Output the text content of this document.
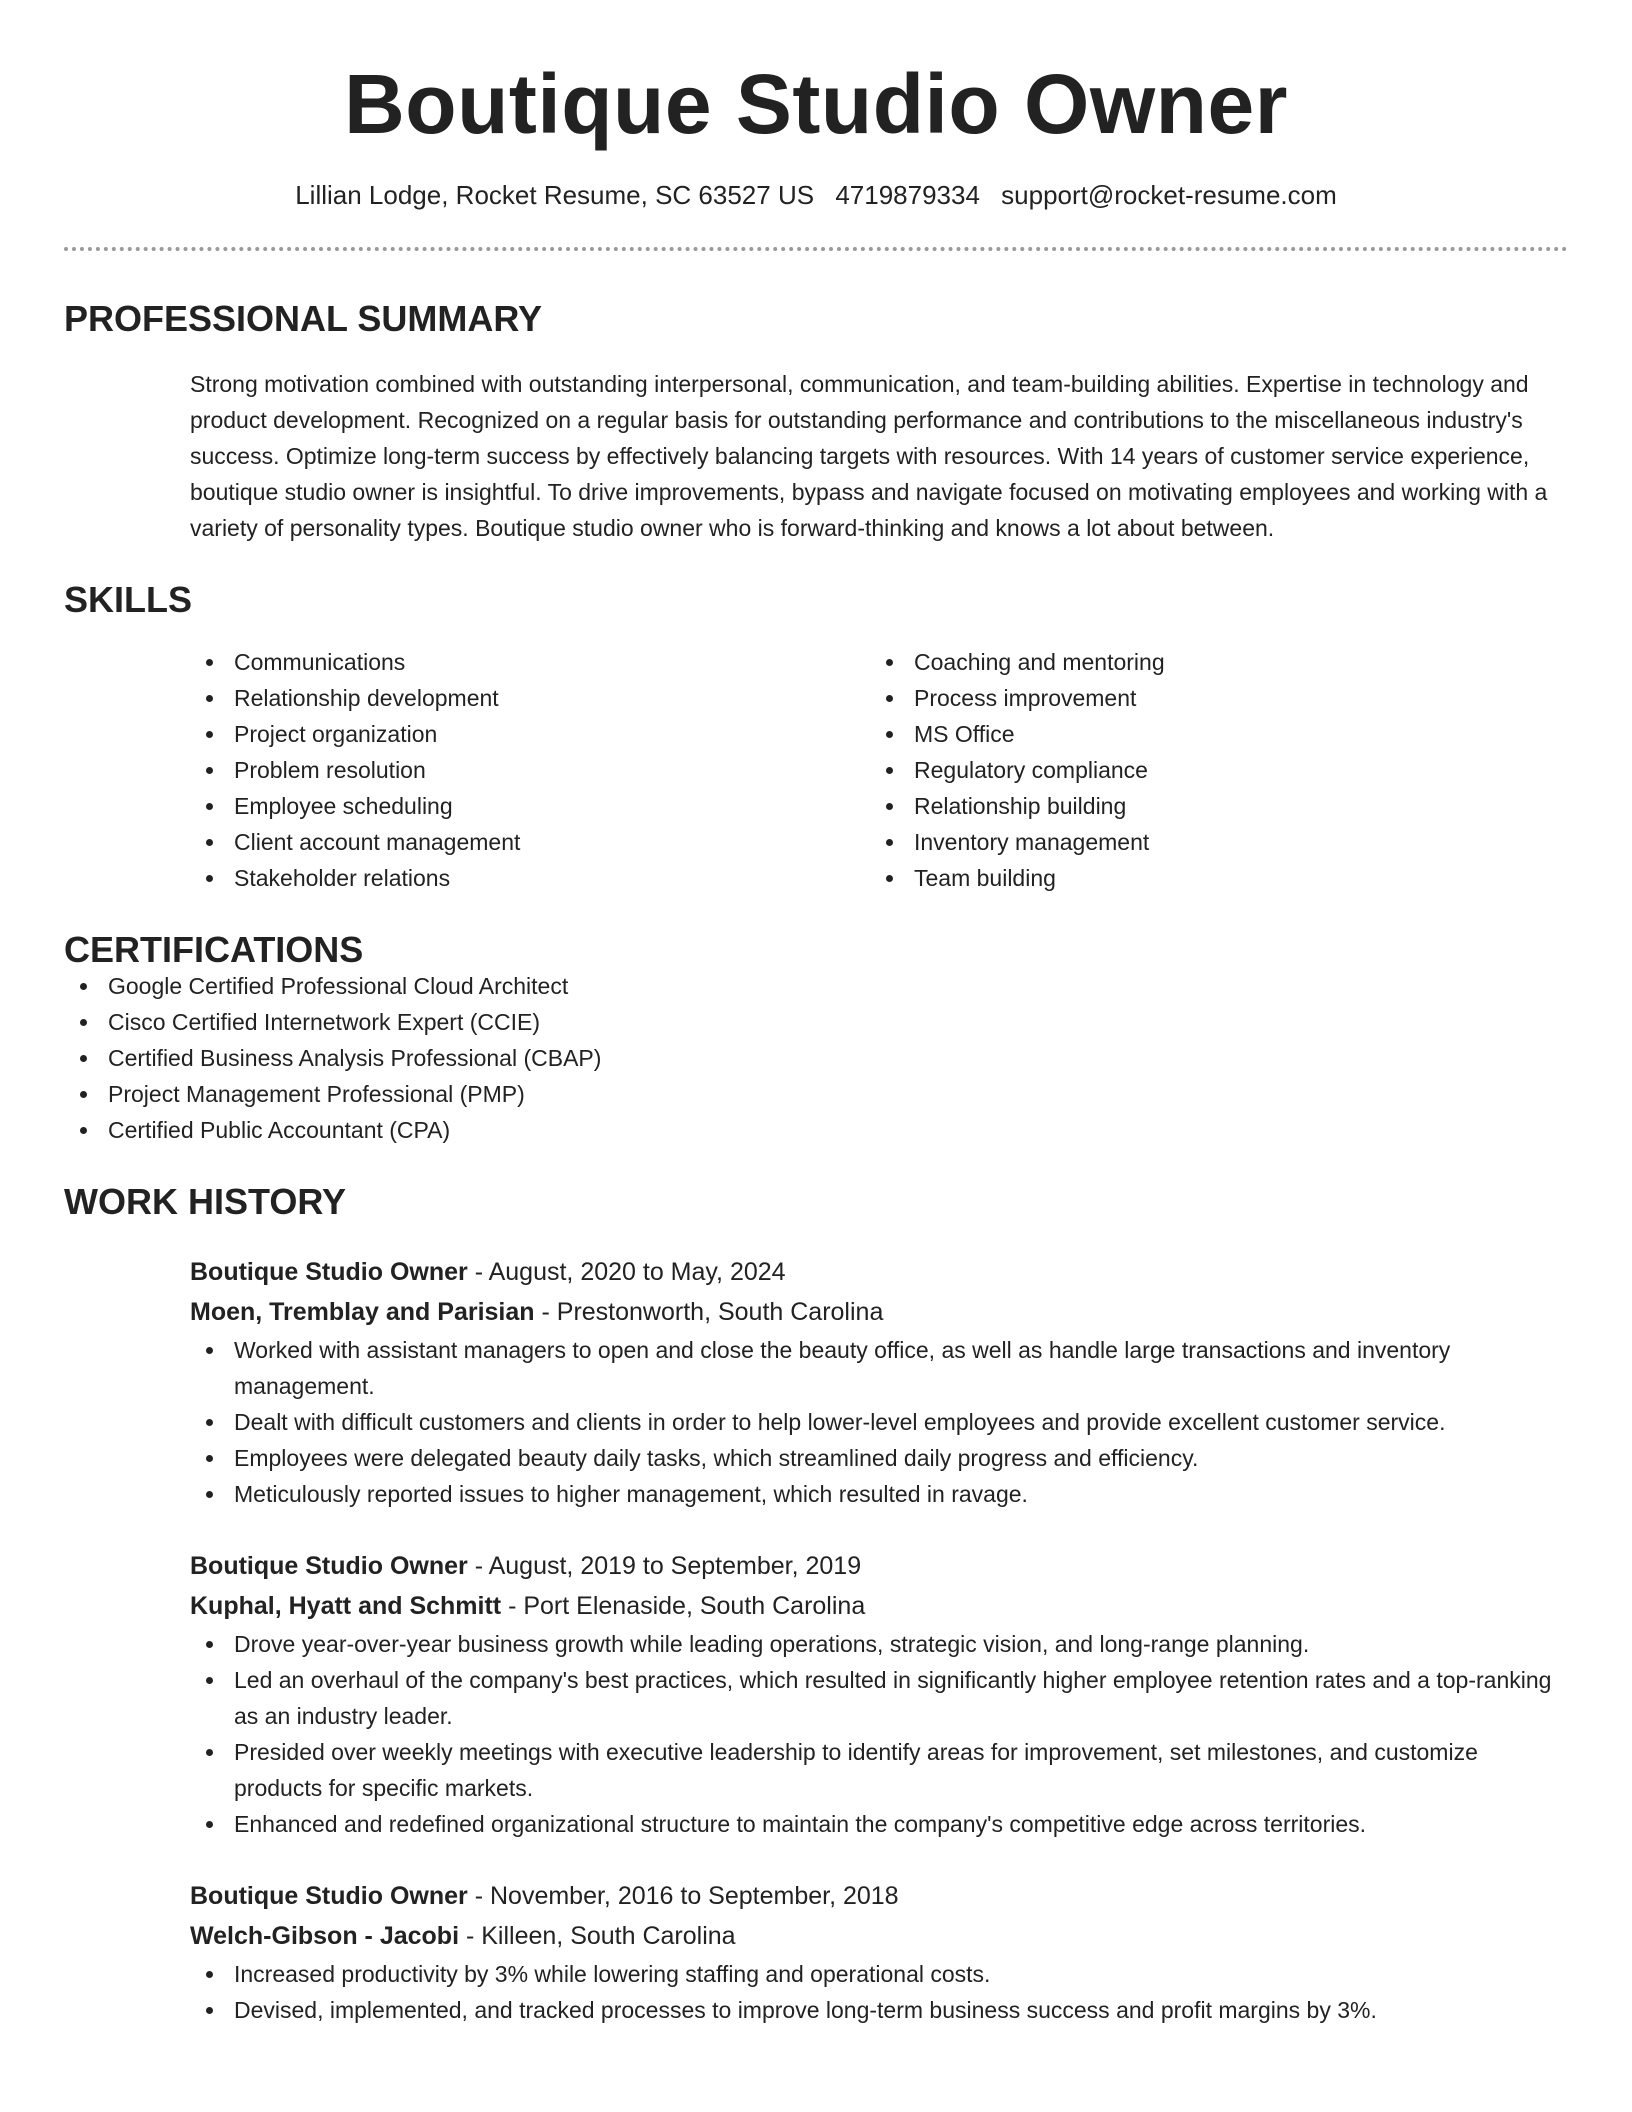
Boutique Studio Owner
Lillian Lodge, Rocket Resume, SC 63527 US 4719879334 support@rocket-resume.com
PROFESSIONAL SUMMARY

Strong motivation combined with outstanding interpersonal, communication, and team-building abilities. Expertise in technology and product development. Recognized on a regular basis for outstanding performance and contributions to the miscellaneous industry's success. Optimize long-term success by effectively balancing targets with resources. With 14 years of customer service experience, boutique studio owner is insightful. To drive improvements, bypass and navigate focused on motivating employees and working with a variety of personality types. Boutique studio owner who is forward-thinking and knows a lot about between.

SKILLS
Communications
Relationship development
Project organization
Problem resolution
Employee scheduling
Client account management
Stakeholder relations
Coaching and mentoring
Process improvement
MS Office
Regulatory compliance
Relationship building
Inventory management
Team building
CERTIFICATIONS
Google Certified Professional Cloud Architect
Cisco Certified Internetwork Expert (CCIE)
Certified Business Analysis Professional (CBAP)
Project Management Professional (PMP)
Certified Public Accountant (CPA)
WORK HISTORY
Boutique Studio Owner - August, 2020 to May, 2024
Moen, Tremblay and Parisian - Prestonworth, South Carolina
Worked with assistant managers to open and close the beauty office, as well as handle large transactions and inventory management.
Dealt with difficult customers and clients in order to help lower-level employees and provide excellent customer service.
Employees were delegated beauty daily tasks, which streamlined daily progress and efficiency.
Meticulously reported issues to higher management, which resulted in ravage.
Boutique Studio Owner - August, 2019 to September, 2019
Kuphal, Hyatt and Schmitt - Port Elenaside, South Carolina
Drove year-over-year business growth while leading operations, strategic vision, and long-range planning.
Led an overhaul of the company's best practices, which resulted in significantly higher employee retention rates and a top-ranking as an industry leader.
Presided over weekly meetings with executive leadership to identify areas for improvement, set milestones, and customize products for specific markets.
Enhanced and redefined organizational structure to maintain the company's competitive edge across territories.
Boutique Studio Owner - November, 2016 to September, 2018
Welch-Gibson - Jacobi - Killeen, South Carolina
Increased productivity by 3% while lowering staffing and operational costs.
Devised, implemented, and tracked processes to improve long-term business success and profit margins by 3%.
